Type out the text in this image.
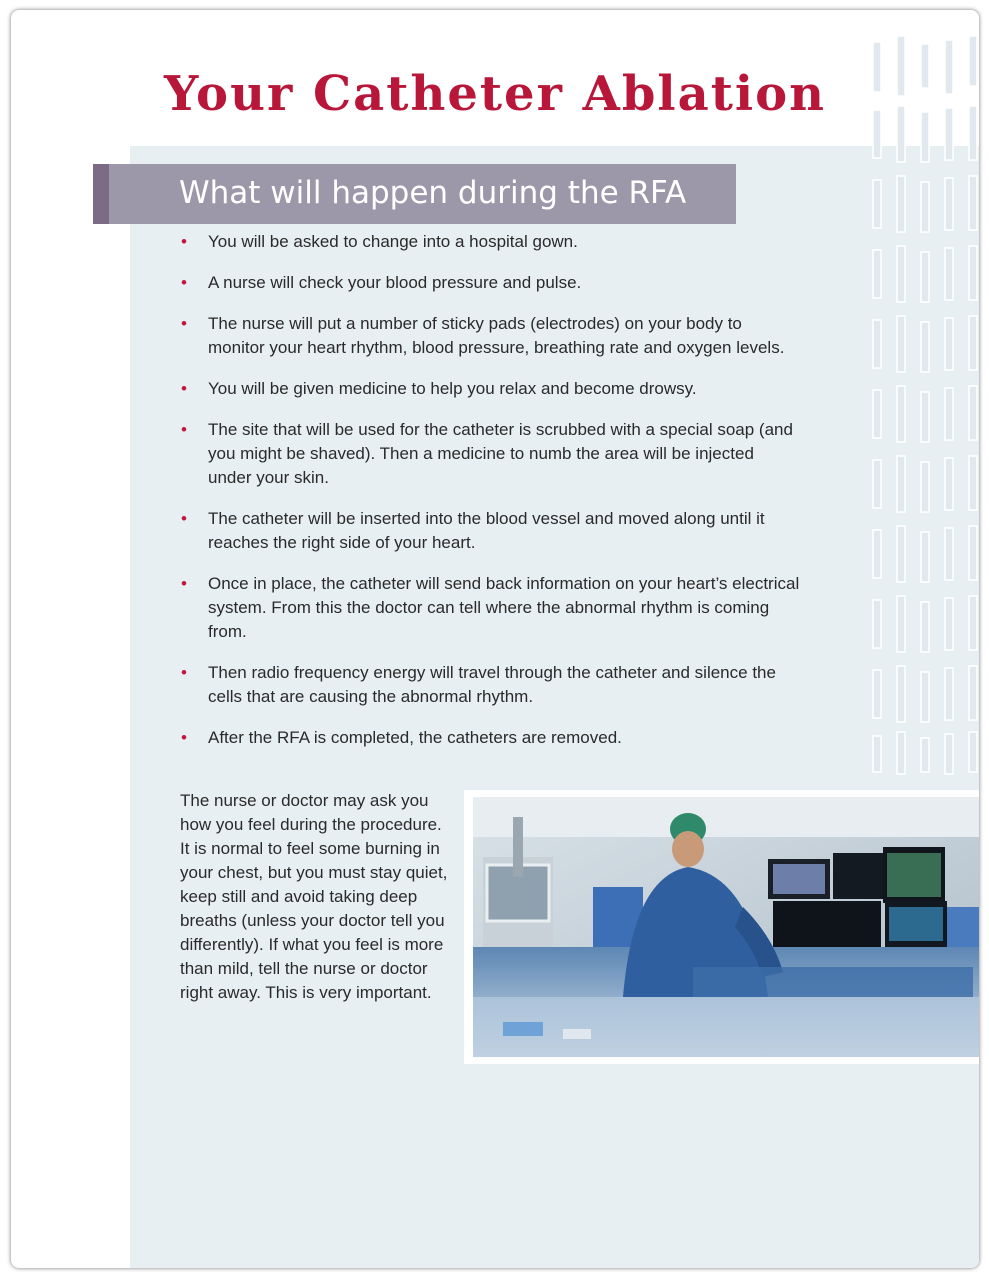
Your Catheter Ablation
What will happen during the RFA
• You will be asked to change into a hospital gown.
• A nurse will check your blood pressure and pulse.
• The nurse will put a number of sticky pads (electrodes) on your body to monitor your heart rhythm, blood pressure, breathing rate and oxygen levels.
• You will be given medicine to help you relax and become drowsy.
• The site that will be used for the catheter is scrubbed with a special soap (and you might be shaved). Then a medicine to numb the area will be injected under your skin.
• The catheter will be inserted into the blood vessel and moved along until it reaches the right side of your heart.
• Once in place, the catheter will send back information on your heart’s electrical system. From this the doctor can tell where the abnormal rhythm is coming from.
• Then radio frequency energy will travel through the catheter and silence the cells that are causing the abnormal rhythm.
• After the RFA is completed, the catheters are removed.

The nurse or doctor may ask you how you feel during the procedure. It is normal to feel some burning in your chest, but you must stay quiet, keep still and avoid taking deep breaths (unless your doctor tell you differently). If what you feel is more than mild, tell the nurse or doctor right away. This is very important.
